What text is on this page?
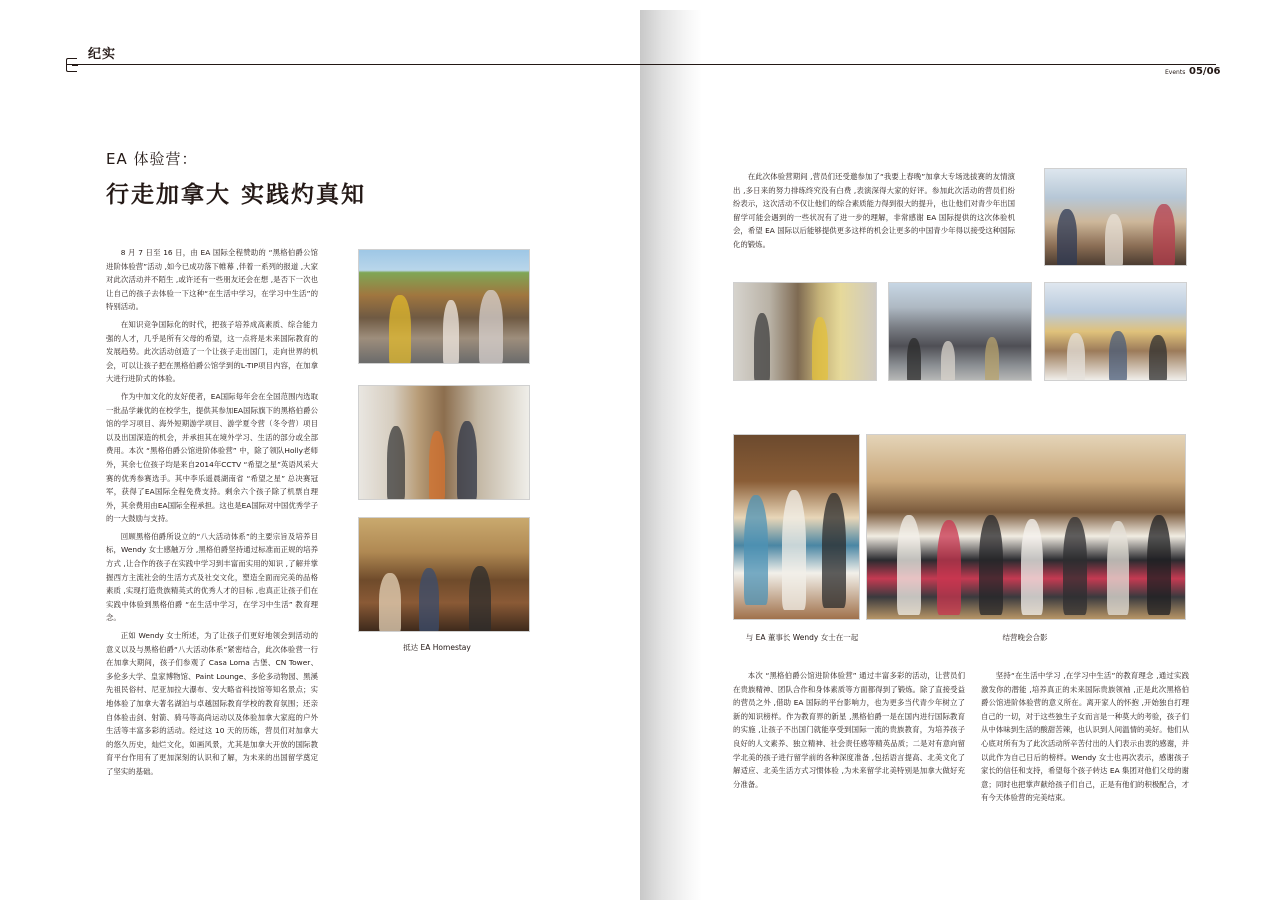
纪实
Events 05/06
EA 体验营：
行走加拿大 实践灼真知

8 月 7 日至 16 日，由 EA 国际全程赞助的 “黑格伯爵公馆进阶体验营”活动 ,如今已成功落下帷幕 ,伴着一系列的报道 ,大家对此次活动并不陌生 ,或许还有一些朋友还会在想 ,是否下一次也让自己的孩子去体验一下这种“在生活中学习，在学习中生活”的特别活动。

在知识竞争国际化的时代，把孩子培养成高素质、综合能力强的人才，几乎是所有父母的希望，这一点将是未来国际教育的发展趋势。此次活动创造了一个让孩子走出国门，走向世界的机会，可以让孩子把在黑格伯爵公馆学到的L-TIP项目内容，在加拿大进行进阶式的体验。

作为中加文化的友好使者，EA国际每年会在全国范围内选取一批品学兼优的在校学生，提供其参加EA国际旗下的黑格伯爵公馆的学习项目、海外短期游学项目、游学夏令营（冬令营）项目以及出国深造的机会，并承担其在境外学习、生活的部分或全部费用。本次 “黑格伯爵公馆进阶体验营” 中，除了领队Holly老师外，其余七位孩子均是来自2014年CCTV “希望之星”英语风采大赛的优秀参赛选手。其中李乐遥晨湖南省 “希望之星” 总决赛冠军，获得了EA国际全程免费支持。剩余六个孩子除了机票自理外，其余费用由EA国际全程承担。这也是EA国际对中国优秀学子的一大鼓励与支持。

回顾黑格伯爵所设立的“八大活动体系”的主要宗旨及培养目标，Wendy 女士感触万分 ,黑格伯爵坚持通过标准而正规的培养方式 ,让合作的孩子在实践中学习到丰富而实用的知识 ,了解并掌握西方主流社会的生活方式及社交文化，塑造全面而完美的品格素质 ,实现打造贵族精英式的优秀人才的目标 ,也真正让孩子们在实践中体验到黑格伯爵 “在生活中学习，在学习中生活” 教育理念。

正如 Wendy 女士所述，为了让孩子们更好地领会到活动的意义以及与黑格伯爵“八大活动体系”紧密结合，此次体验营一行在加拿大期间，孩子们参观了 Casa Loma 古堡、CN Tower、多伦多大学、皇家博物馆、Paint Lounge、多伦多动物园、黑溪先祖民俗村、尼亚加拉大瀑布、安大略省科技馆等知名景点；实地体验了加拿大著名湖泊与卓越国际教育学校的教育氛围；还亲自体验击剑、射箭、骑马等高尚运动以及体验加拿大家庭的户外生活等丰富多彩的活动。经过这 10 天的历练，营员们对加拿大的悠久历史，灿烂文化，如画风景，尤其是加拿大开放的国际教育平台作用有了更加深刻的认识和了解，为未来的出国留学奠定了坚实的基础。

抵达 EA Homestay

在此次体验营期间 ,营员们还受邀参加了“我要上春晚”加拿大专场选拔赛的友情演出 ,多日来的努力排练终究没有白费 ,表演深得大家的好评。参加此次活动的营员们纷纷表示，这次活动不仅让他们的综合素质能力得到很大的提升，也让他们对青少年出国留学可能会遇到的一些状况有了进一步的理解，非常感谢 EA 国际提供的这次体验机会，希望 EA 国际以后能够提供更多这样的机会让更多的中国青少年得以接受这种国际化的锻炼。

与 EA 董事长 Wendy 女士在一起	结营晚会合影

本次 “黑格伯爵公馆进阶体验营” 通过丰富多彩的活动，让营员们在贵族精神、团队合作和身体素质等方面都得到了锻炼。除了直接受益的营员之外 ,借助 EA 国际的平台影响力，也为更多当代青少年树立了新的知识榜样。作为教育界的新星 ,黑格伯爵一是在国内进行国际教育的实施 ,让孩子不出国门就能享受到国际一流的贵族教育，为培养孩子良好的人文素养、独立精神、社会责任感等精英品质；二是对有意向留学北美的孩子进行留学前的各种深度准备 ,包括语言提高、北美文化了解适应、北美生活方式习惯体验 ,为未来留学北美特别是加拿大做好充分准备。

坚持“在生活中学习 ,在学习中生活”的教育理念 ,通过实践激发你的潜能 ,培养真正的未来国际贵族领袖 ,正是此次黑格伯爵公馆进阶体验营的意义所在。离开家人的怀抱 ,开始独自打理自己的一切，对于这些独生子女而言是一种莫大的考验，孩子们从中体味到生活的酸甜苦辣，也认识到人间温情的美好。他们从心底对所有为了此次活动所辛苦付出的人们表示由衷的感谢，并以此作为自己日后的榜样。Wendy 女士也再次表示，感谢孩子家长的信任和支持，希望每个孩子转达 EA 集团对他们父母的谢意；同时也把掌声献给孩子们自己，正是有他们的积极配合，才有今天体验营的完美结束。
